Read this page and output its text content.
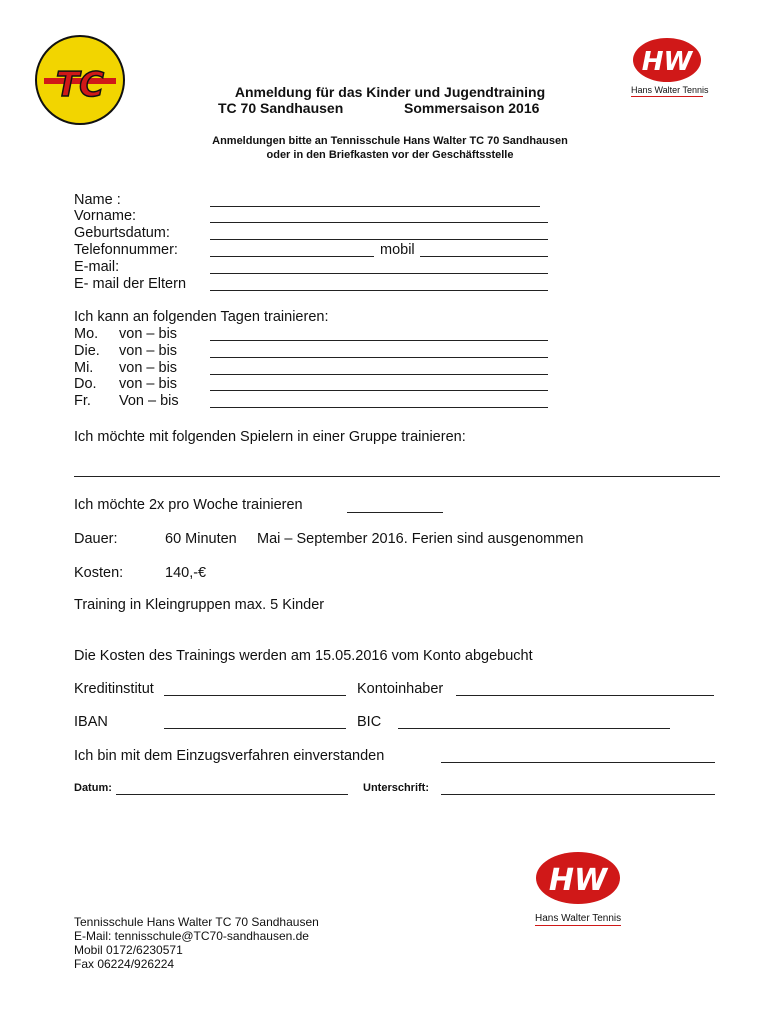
TC
HW
Hans Walter Tennis
Anmeldung für das Kinder und Jugendtraining
TC 70 Sandhausen	Sommersaison 2016
Anmeldungen bitte an Tennisschule Hans Walter TC 70 Sandhausen
oder in den Briefkasten vor der Geschäftsstelle
Name :
Vorname:
Geburtsdatum:
Telefonnummer:	mobil
E-mail:
E- mail der Eltern
Ich kann an folgenden Tagen trainieren:
Mo. von – bis
Die. von – bis
Mi. von – bis
Do. von – bis
Fr. Von – bis
Ich möchte mit folgenden Spielern in einer Gruppe trainieren:
Ich möchte 2x pro Woche trainieren
Dauer:	60 Minuten Mai – September 2016. Ferien sind ausgenommen
Kosten:	140,-€
Training in Kleingruppen max. 5 Kinder
Die Kosten des Trainings werden am 15.05.2016 vom Konto abgebucht
Kreditinstitut	Kontoinhaber
IBAN	BIC
Ich bin mit dem Einzugsverfahren einverstanden
Datum:	Unterschrift:
HW
Hans Walter Tennis
Tennisschule Hans Walter TC 70 Sandhausen
E-Mail: tennisschule@TC70-sandhausen.de
Mobil 0172/6230571
Fax 06224/926224
